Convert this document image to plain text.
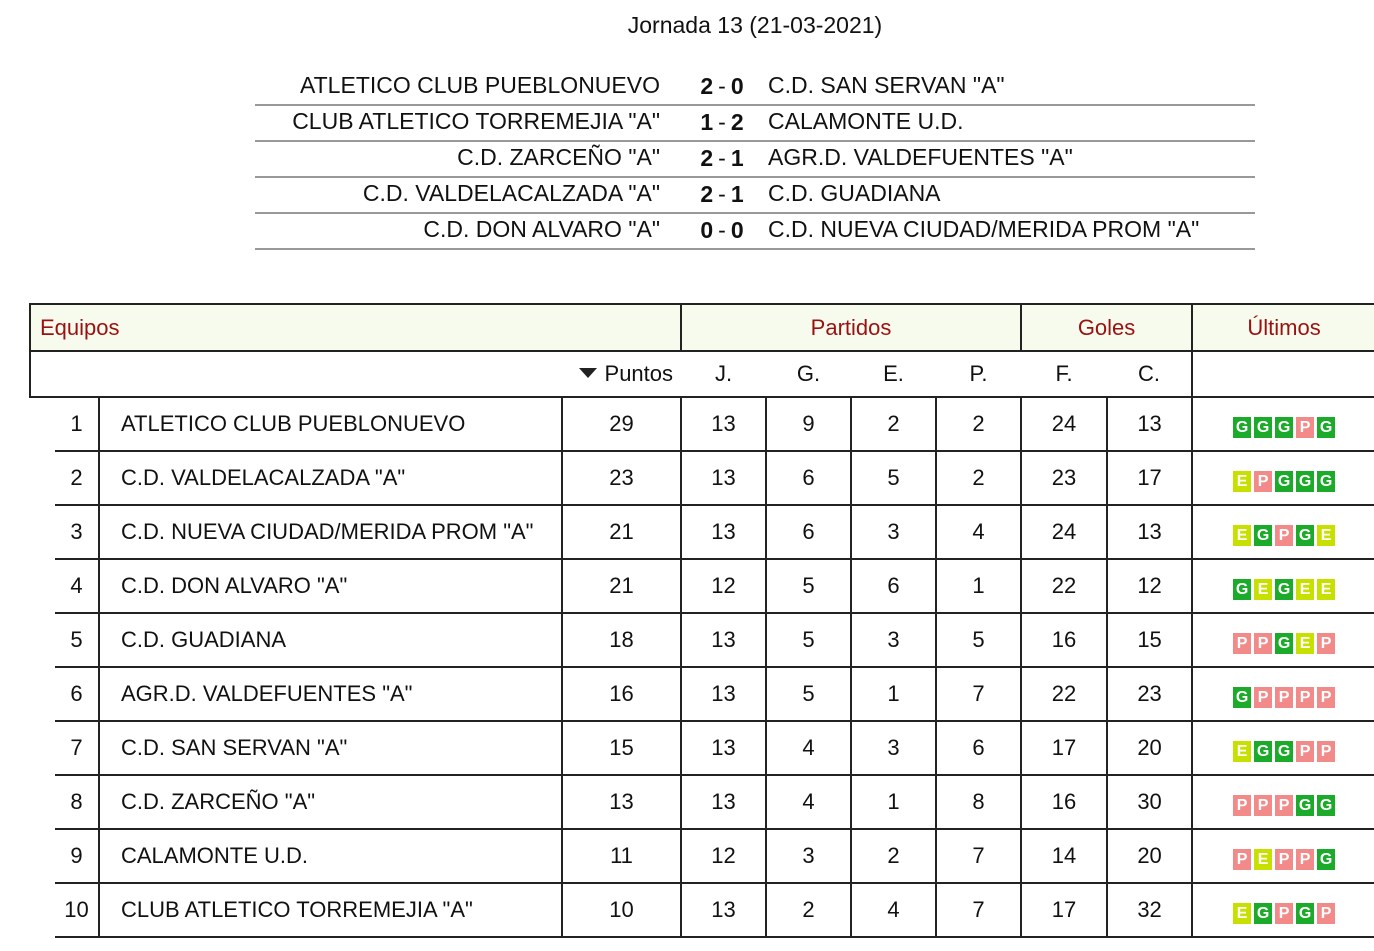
Jornada 13 (21-03-2021)
ATLETICO CLUB PUEBLONUEVO 2 - 0 C.D. SAN SERVAN "A"
CLUB ATLETICO TORREMEJIA "A" 1 - 2 CALAMONTE U.D.
C.D. ZARCEÑO "A" 2 - 1 AGR.D. VALDEFUENTES "A"
C.D. VALDELACALZADA "A" 2 - 1 C.D. GUADIANA
C.D. DON ALVARO "A" 0 - 0 C.D. NUEVA CIUDAD/MERIDA PROM "A"
Equipos				Partidos				Goles		Últimos
			Puntos	J.	G.	E.	P.	F.	C.	
	1	ATLETICO CLUB PUEBLONUEVO	29	13	9	2	2	24	13	G G G P G

	2	C.D. VALDELACALZADA "A"	23	13	6	5	2	23	17	E P G G G

	3	C.D. NUEVA CIUDAD/MERIDA PROM "A"	21	13	6	3	4	24	13	E G P G E

	4	C.D. DON ALVARO "A"	21	12	5	6	1	22	12	G E G E E

	5	C.D. GUADIANA	18	13	5	3	5	16	15	P P G E P

	6	AGR.D. VALDEFUENTES "A"	16	13	5	1	7	22	23	G P P P P

	7	C.D. SAN SERVAN "A"	15	13	4	3	6	17	20	E G G P P

	8	C.D. ZARCEÑO "A"	13	13	4	1	8	16	30	P P P G G

	9	CALAMONTE U.D.	11	12	3	2	7	14	20	P E P P G

	10	CLUB ATLETICO TORREMEJIA "A"	10	13	2	4	7	17	32	E G P G P
